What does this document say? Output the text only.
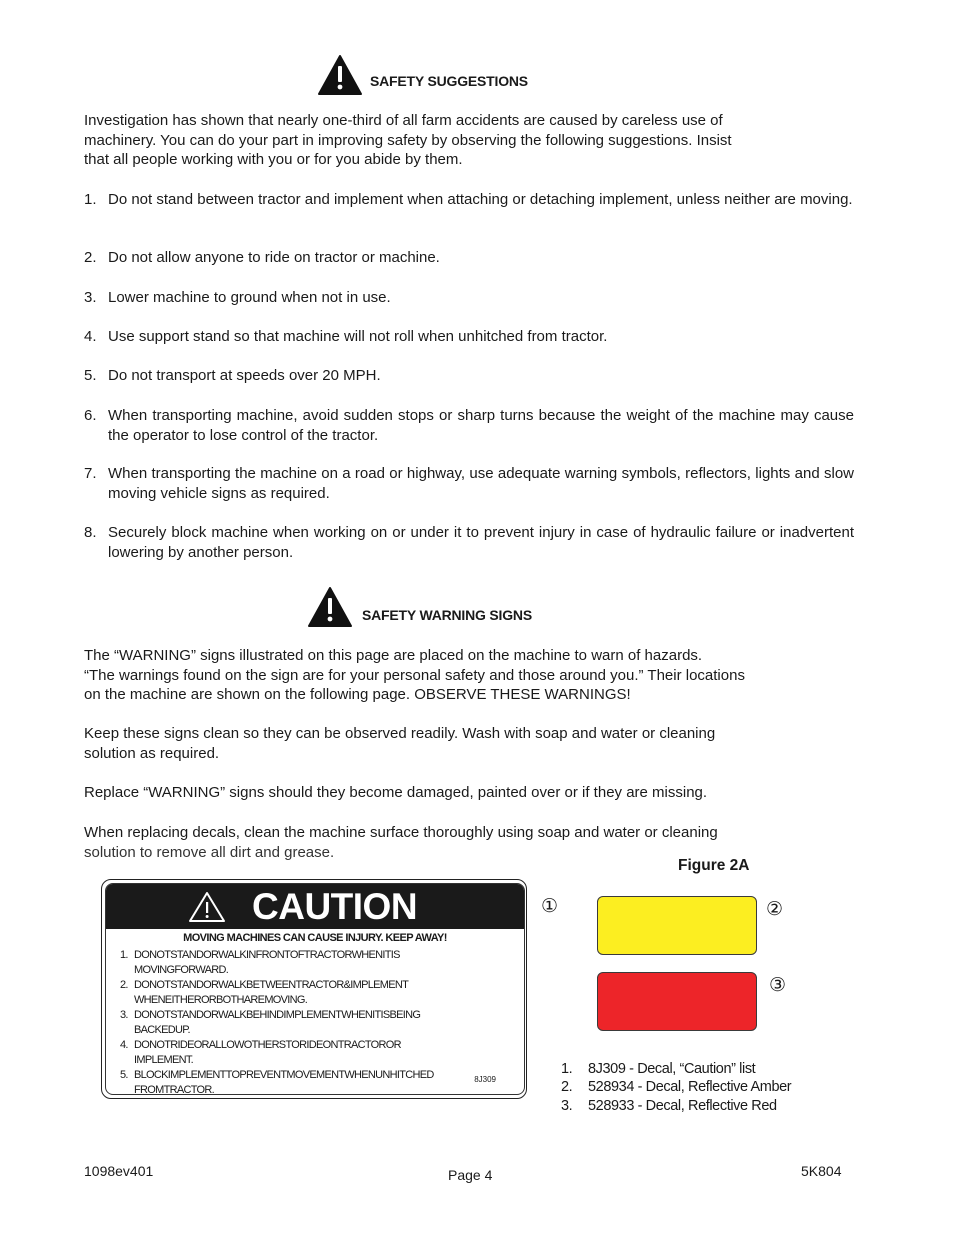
SAFETY SUGGESTIONS

Investigation has shown that nearly one-third of all farm accidents are caused by careless use of

machinery. You can do your part in improving safety by observing the following suggestions. Insist

that all people working with you or for you abide by them.

1. Do not stand between tractor and implement when attaching or detaching implement, unless neither are moving.
2. Do not allow anyone to ride on tractor or machine.
3. Lower machine to ground when not in use.
4. Use support stand so that machine will not roll when unhitched from tractor.
5. Do not transport at speeds over 20 MPH.
6. When transporting machine, avoid sudden stops or sharp turns because the weight of the machine may cause the operator to lose control of the tractor.
7. When transporting the machine on a road or highway, use adequate warning symbols, reflectors, lights and slow moving vehicle signs as required.
8. Securely block machine when working on or under it to prevent injury in case of hydraulic failure or inadvertent lowering by another person.
SAFETY WARNING SIGNS

The “WARNING” signs illustrated on this page are placed on the machine to warn of hazards.

“The warnings found on the sign are for your personal safety and those around you.” Their locations

on the machine are shown on the following page. OBSERVE THESE WARNINGS!

Keep these signs clean so they can be observed readily. Wash with soap and water or cleaning

solution as required.

Replace “WARNING” signs should they become damaged, painted over or if they are missing.

When replacing decals, clean the machine surface thoroughly using soap and water or cleaning

solution to remove all dirt and grease.

Figure 2A
CAUTION
MOVING MACHINES CAN CAUSE INJURY. KEEP AWAY!
1. DONOTSTANDORWALKINFRONTOFTRACTORWHENITIS
MOVINGFORWARD.
2. DONOTSTANDORWALKBETWEENTRACTOR&IMPLEMENT
WHENEITHERORBOTHAREMOVING.
3. DONOTSTANDORWALKBEHINDIMPLEMENTWHENITISBEING
BACKEDUP.
4. DONOTRIDEORALLOWOTHERSTORIDEONTRACTOROR
IMPLEMENT.
5. BLOCKIMPLEMENTTOPREVENTMOVEMENTWHENUNHITCHED
FROMTRACTOR.
8J309
①	②
③
1. 8J309 - Decal, “Caution” list
2. 528934 - Decal, Reflective Amber
3. 528933 - Decal, Reflective Red
1098ev401	Page 4	5K804
